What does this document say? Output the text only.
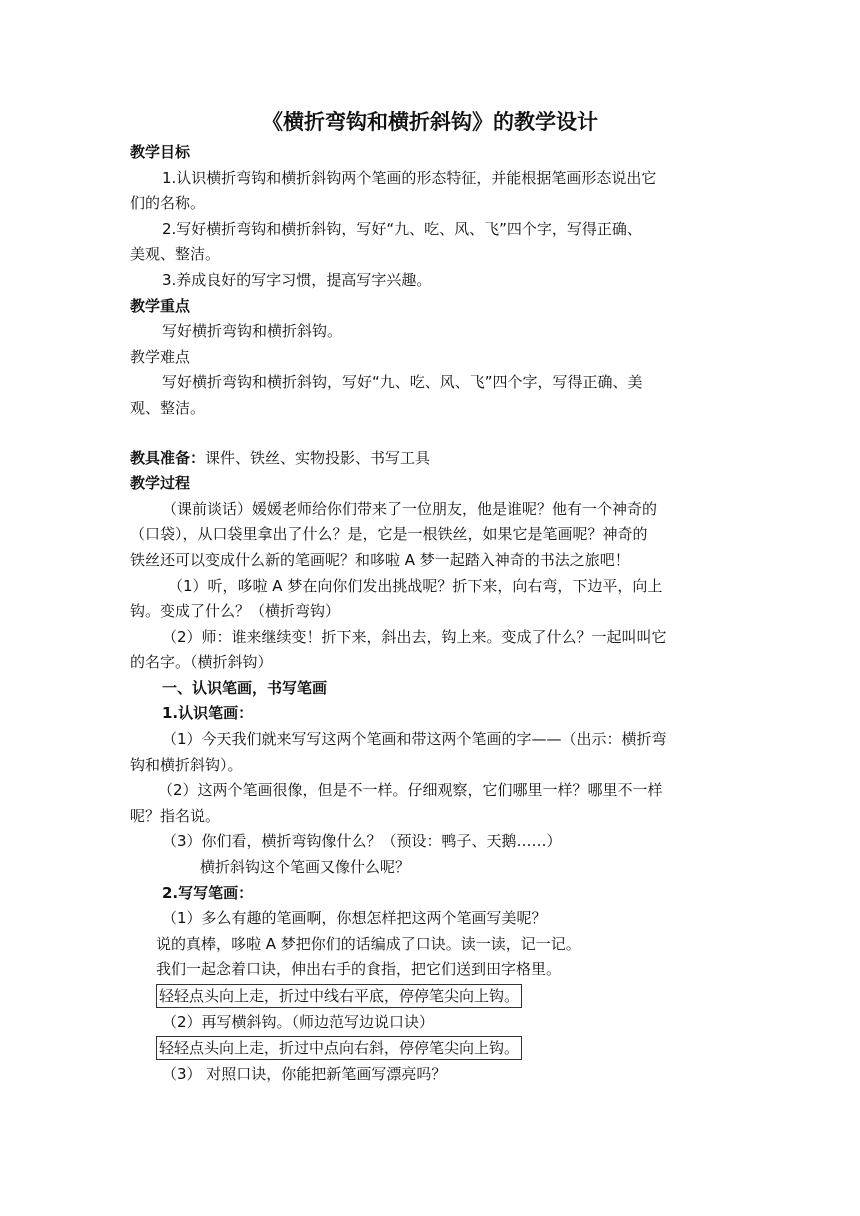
《横折弯钩和横折斜钩》的教学设计
教学目标
1.认识横折弯钩和横折斜钩两个笔画的形态特征，并能根据笔画形态说出它
们的名称。
2.写好横折弯钩和横折斜钩，写好“九、吃、风、飞”四个字，写得正确、
美观、整洁。
3.养成良好的写字习惯，提高写字兴趣。
教学重点
写好横折弯钩和横折斜钩。
教学难点
写好横折弯钩和横折斜钩，写好“九、吃、风、飞”四个字，写得正确、美
观、整洁。
教具准备：课件、铁丝、实物投影、书写工具
教学过程
（课前谈话）媛媛老师给你们带来了一位朋友，他是谁呢？他有一个神奇的
（口袋），从口袋里拿出了什么？是，它是一根铁丝，如果它是笔画呢？神奇的
铁丝还可以变成什么新的笔画呢？和哆啦 A 梦一起踏入神奇的书法之旅吧！
（1）听，哆啦 A 梦在向你们发出挑战呢？折下来，向右弯，下边平，向上
钩。变成了什么？（横折弯钩）
（2）师：谁来继续变！折下来，斜出去，钩上来。变成了什么？一起叫叫它
的名字。（横折斜钩）
一、认识笔画，书写笔画
1.认识笔画：
（1）今天我们就来写写这两个笔画和带这两个笔画的字——（出示：横折弯
钩和横折斜钩）。
（2）这两个笔画很像，但是不一样。仔细观察，它们哪里一样？哪里不一样
呢？指名说。
（3）你们看，横折弯钩像什么？（预设：鸭子、天鹅……）
横折斜钩这个笔画又像什么呢？
2.写写笔画：
（1）多么有趣的笔画啊，你想怎样把这两个笔画写美呢？
说的真棒，哆啦 A 梦把你们的话编成了口诀。读一读，记一记。
我们一起念着口诀，伸出右手的食指，把它们送到田字格里。
轻轻点头向上走，折过中线右平底，停停笔尖向上钩。
（2）再写横斜钩。（师边范写边说口诀）
轻轻点头向上走，折过中点向右斜，停停笔尖向上钩。
（3） 对照口诀，你能把新笔画写漂亮吗？
